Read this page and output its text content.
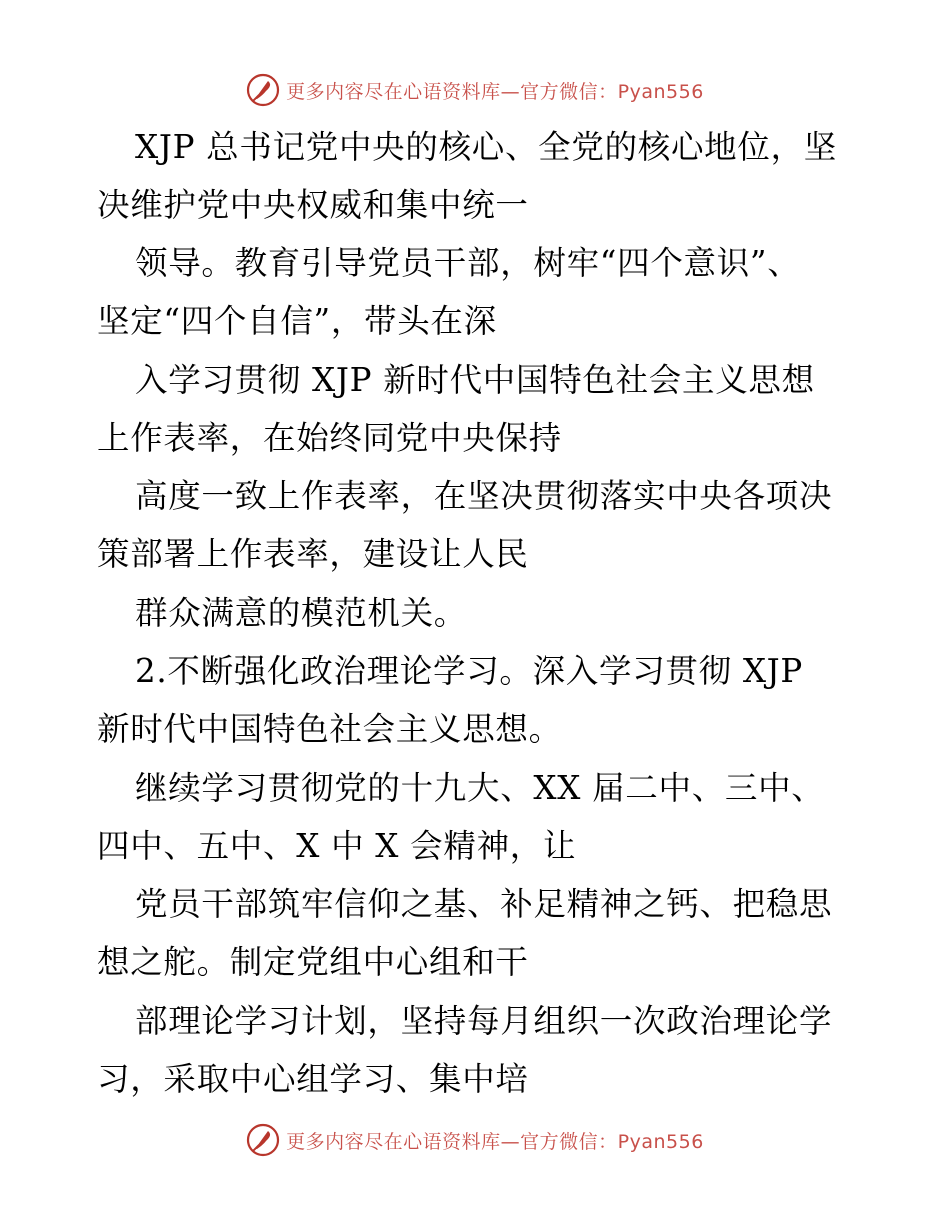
更多内容尽在心语资料库—官方微信：Pyan556
XJP 总书记党中央的核心、全党的核心地位，坚
决维护党中央权威和集中统一
领导。教育引导党员干部，树牢“四个意识”、
坚定“四个自信”，带头在深
入学习贯彻 XJP 新时代中国特色社会主义思想
上作表率，在始终同党中央保持
高度一致上作表率，在坚决贯彻落实中央各项决
策部署上作表率，建设让人民
群众满意的模范机关。
2.不断强化政治理论学习。深入学习贯彻 XJP
新时代中国特色社会主义思想。
继续学习贯彻党的十九大、XX 届二中、三中、
四中、五中、X 中 X 会精神，让
党员干部筑牢信仰之基、补足精神之钙、把稳思
想之舵。制定党组中心组和干
部理论学习计划，坚持每月组织一次政治理论学
习，采取中心组学习、集中培
更多内容尽在心语资料库—官方微信：Pyan556
